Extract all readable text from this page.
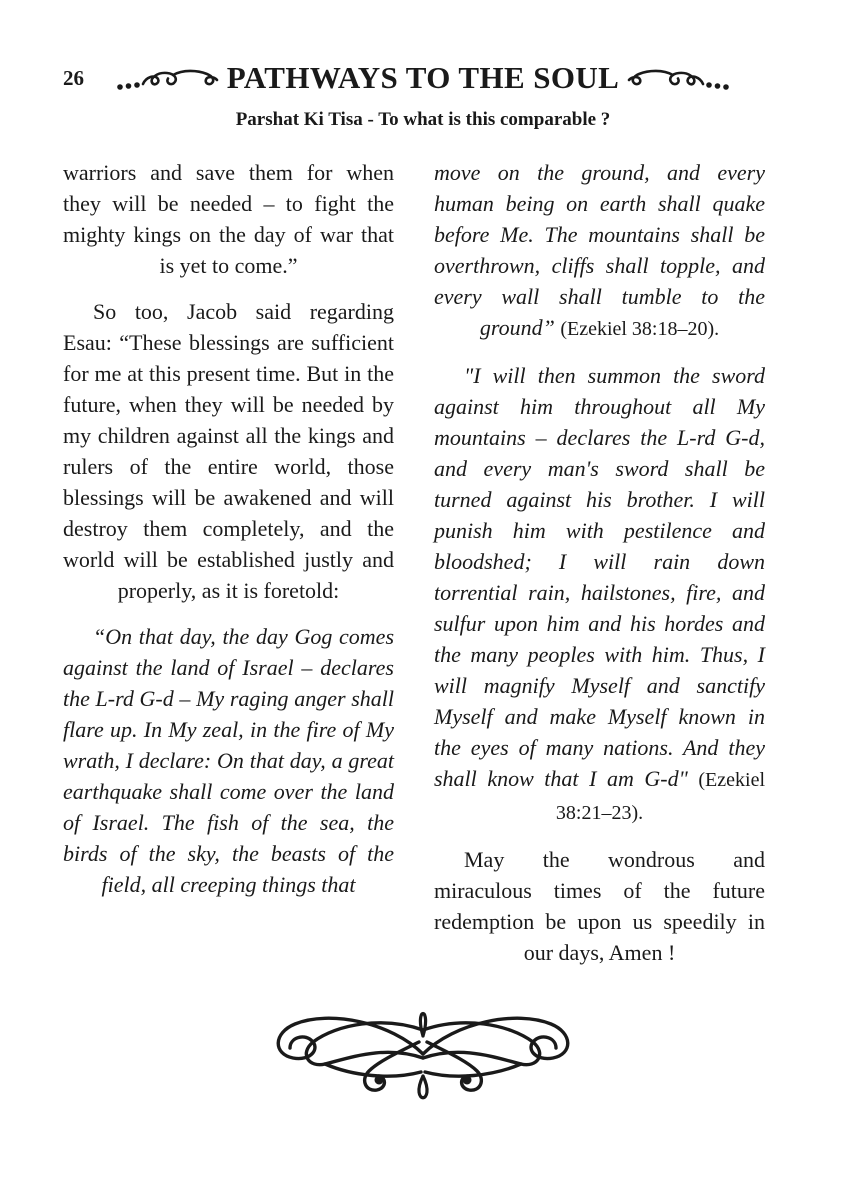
26	PATHWAYS TO THE SOUL
Parshat Ki Tisa - To what is this comparable ?

warriors and save them for when they will be needed – to fight the mighty kings on the day of war that is yet to come.”

So too, Jacob said regarding Esau: “These blessings are sufficient for me at this present time. But in the future, when they will be needed by my children against all the kings and rulers of the entire world, those blessings will be awakened and will destroy them completely, and the world will be established justly and properly, as it is foretold:

“On that day, the day Gog comes against the land of Israel – declares the L-rd G-d – My raging anger shall flare up. In My zeal, in the fire of My wrath, I declare: On that day, a great earthquake shall come over the land of Israel. The fish of the sea, the birds of the sky, the beasts of the field, all creeping things that

move on the ground, and every human being on earth shall quake before Me. The mountains shall be overthrown, cliffs shall topple, and every wall shall tumble to the ground” (Ezekiel 38:18–20).

"I will then summon the sword against him throughout all My mountains – declares the L-rd G-d, and every man's sword shall be turned against his brother. I will punish him with pestilence and bloodshed; I will rain down torrential rain, hailstones, fire, and sulfur upon him and his hordes and the many peoples with him. Thus, I will magnify Myself and sanctify Myself and make Myself known in the eyes of many nations. And they shall know that I am G-d" (Ezekiel 38:21–23).

May the wondrous and miraculous times of the future redemption be upon us speedily in our days, Amen !
